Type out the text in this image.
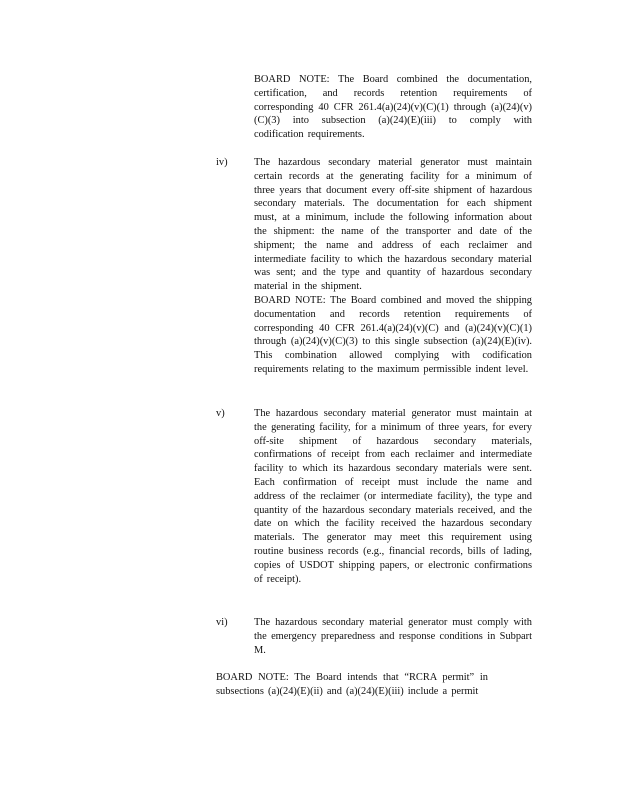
BOARD NOTE: The Board combined the documentation, certification, and records retention requirements of corresponding 40 CFR 261.4(a)(24)(v)(C)(1) through (a)(24)(v)(C)(3) into subsection (a)(24)(E)(iii) to comply with codification requirements.

iv)	The hazardous secondary material generator must maintain certain records at the generating facility for a minimum of three years that document every off-site shipment of hazardous secondary materials. The documentation for each shipment must, at a minimum, include the following information about the shipment: the name of the transporter and date of the shipment; the name and address of each reclaimer and intermediate facility to which the hazardous secondary material was sent; and the type and quantity of hazardous secondary material in the shipment.

BOARD NOTE: The Board combined and moved the shipping documentation and records retention requirements of corresponding 40 CFR 261.4(a)(24)(v)(C) and (a)(24)(v)(C)(1) through (a)(24)(v)(C)(3) to this single subsection (a)(24)(E)(iv). This combination allowed complying with codification requirements relating to the maximum permissible indent level.

v)	The hazardous secondary material generator must maintain at the generating facility, for a minimum of three years, for every off-site shipment of hazardous secondary materials, confirmations of receipt from each reclaimer and intermediate facility to which its hazardous secondary materials were sent. Each confirmation of receipt must include the name and address of the reclaimer (or intermediate facility), the type and quantity of the hazardous secondary materials received, and the date on which the facility received the hazardous secondary materials. The generator may meet this requirement using routine business records (e.g., financial records, bills of lading, copies of USDOT shipping papers, or electronic confirmations of receipt).

vi)	The hazardous secondary material generator must comply with the emergency preparedness and response conditions in Subpart M.

BOARD NOTE: The Board intends that “RCRA permit” in subsections (a)(24)(E)(ii) and (a)(24)(E)(iii) include a permit
